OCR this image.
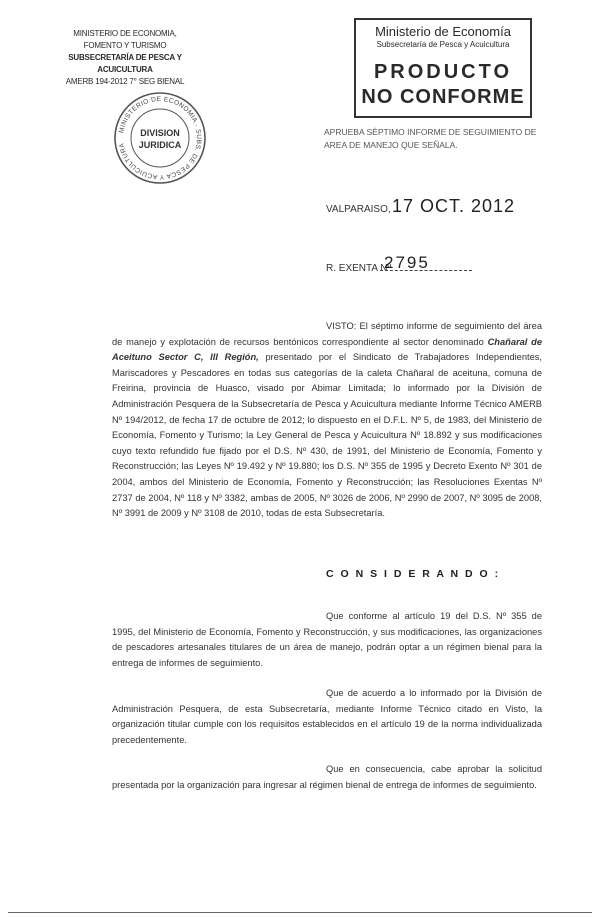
MINISTERIO DE ECONOMIA,
FOMENTO Y TURISMO
SUBSECRETARÍA DE PESCA Y ACUICULTURA
AMERB 194-2012 7° SEG BIENAL
MINISTERIO DE ECONOMIA · SUBS. DE PESCA Y ACUICULTURA
DIVISION
JURIDICA
Ministerio de Economía
Subsecretaría de Pesca y Acuicultura
PRODUCTO
NO CONFORME
APRUEBA SÉPTIMO INFORME DE SEGUIMIENTO DE AREA DE MANEJO QUE SEÑALA.
VALPARAISO, 17 OCT. 2012
R. EXENTA Nº
2795
VISTO: El séptimo informe de seguimiento del área de manejo y explotación de recursos bentónicos correspondiente al sector denominado Chañaral de Aceituno Sector C, III Región, presentado por el Sindicato de Trabajadores Independientes, Mariscadores y Pescadores en todas sus categorías de la caleta Chañaral de aceituna, comuna de Freirina, provincia de Huasco, visado por Abimar Limitada; lo informado por la División de Administración Pesquera de la Subsecretaría de Pesca y Acuicultura mediante Informe Técnico AMERB Nº 194/2012, de fecha 17 de octubre de 2012; lo dispuesto en el D.F.L. Nº 5, de 1983, del Ministerio de Economía, Fomento y Turismo; la Ley General de Pesca y Acuicultura Nº 18.892 y sus modificaciones cuyo texto refundido fue fijado por el D.S. Nº 430, de 1991, del Ministerio de Economía, Fomento y Reconstrucción; las Leyes Nº 19.492 y Nº 19.880; los D.S. Nº 355 de 1995 y Decreto Exento Nº 301 de 2004, ambos del Ministerio de Economía, Fomento y Reconstrucción; las Resoluciones Exentas Nº 2737 de 2004, Nº 118 y Nº 3382, ambas de 2005, Nº 3026 de 2006, Nº 2990 de 2007, Nº 3095 de 2008, Nº 3991 de 2009 y Nº 3108 de 2010, todas de esta Subsecretaría.
C O N S I D E R A N D O :
Que conforme al artículo 19 del D.S. Nº 355 de 1995, del Ministerio de Economía, Fomento y Reconstrucción, y sus modificaciones, las organizaciones de pescadores artesanales titulares de un área de manejo, podrán optar a un régimen bienal para la entrega de informes de seguimiento.
Que de acuerdo a lo informado por la División de Administración Pesquera, de esta Subsecretaría, mediante Informe Técnico citado en Visto, la organización titular cumple con los requisitos establecidos en el artículo 19 de la norma individualizada precedentemente.
Que en consecuencia, cabe aprobar la solicitud presentada por la organización para ingresar al régimen bienal de entrega de informes de seguimiento.
